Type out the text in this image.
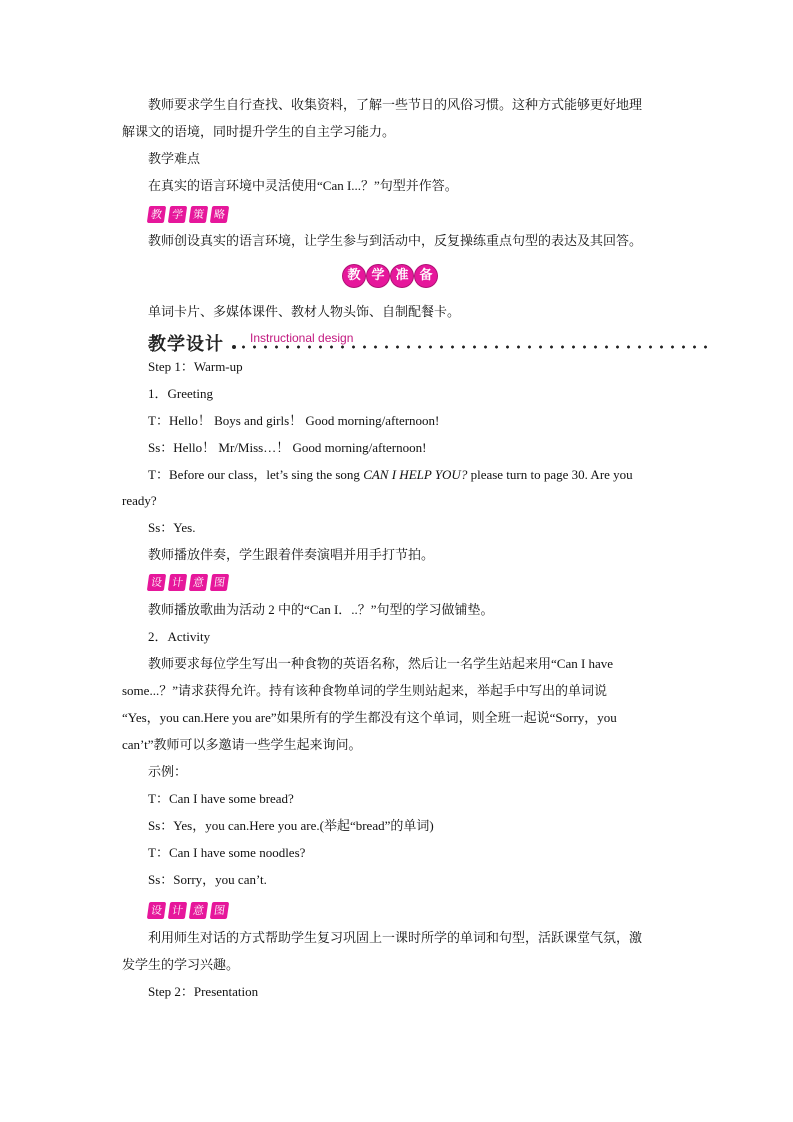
教师要求学生自行查找、收集资料，了解一些节日的风俗习惯。这种方式能够更好地理
解课文的语境，同时提升学生的自主学习能力。
教学难点
在真实的语言环境中灵活使用“Can I...？”句型并作答。
教 学 策 略
教师创设真实的语言环境，让学生参与到活动中，反复操练重点句型的表达及其回答。
教 学 准 备
单词卡片、多媒体课件、教材人物头饰、自制配餐卡。
教学设计 Instructional design
Step 1：Warm-up
1．Greeting
T：Hello！ Boys and girls！ Good morning/afternoon!
Ss：Hello！ Mr/Miss…！ Good morning/afternoon!
T：Before our class，let’s sing the song CAN I HELP YOU? please turn to page 30. Are you
ready?
Ss：Yes.
教师播放伴奏，学生跟着伴奏演唱并用手打节拍。
设 计 意 图
教师播放歌曲为活动 2 中的“Can I．..？”句型的学习做铺垫。
2．Activity
教师要求每位学生写出一种食物的英语名称，然后让一名学生站起来用“Can I have
some...？”请求获得允许。持有该种食物单词的学生则站起来，举起手中写出的单词说
“Yes，you can.Here you are”如果所有的学生都没有这个单词，则全班一起说“Sorry，you
can’t”教师可以多邀请一些学生起来询问。
示例：
T：Can I have some bread?
Ss：Yes，you can.Here you are.(举起“bread”的单词)
T：Can I have some noodles?
Ss：Sorry，you can’t.
设 计 意 图
利用师生对话的方式帮助学生复习巩固上一课时所学的单词和句型，活跃课堂气氛，激
发学生的学习兴趣。
Step 2：Presentation
